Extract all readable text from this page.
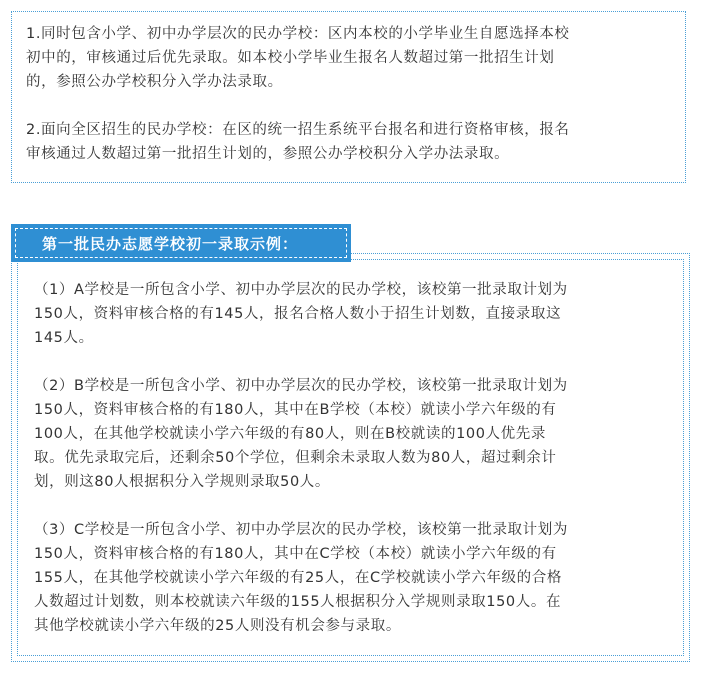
1.同时包含小学、初中办学层次的民办学校：区内本校的小学毕业生自愿选择本校

初中的，审核通过后优先录取。如本校小学毕业生报名人数超过第一批招生计划

的，参照公办学校积分入学办法录取。

2.面向全区招生的民办学校：在区的统一招生系统平台报名和进行资格审核，报名

审核通过人数超过第一批招生计划的，参照公办学校积分入学办法录取。

（1）A学校是一所包含小学、初中办学层次的民办学校，该校第一批录取计划为

150人，资料审核合格的有145人，报名合格人数小于招生计划数，直接录取这

145人。

（2）B学校是一所包含小学、初中办学层次的民办学校，该校第一批录取计划为

150人，资料审核合格的有180人，其中在B学校（本校）就读小学六年级的有

100人，在其他学校就读小学六年级的有80人，则在B校就读的100人优先录

取。优先录取完后，还剩余50个学位，但剩余未录取人数为80人，超过剩余计

划，则这80人根据积分入学规则录取50人。

（3）C学校是一所包含小学、初中办学层次的民办学校，该校第一批录取计划为

150人，资料审核合格的有180人，其中在C学校（本校）就读小学六年级的有

155人，在其他学校就读小学六年级的有25人，在C学校就读小学六年级的合格

人数超过计划数，则本校就读六年级的155人根据积分入学规则录取150人。在

其他学校就读小学六年级的25人则没有机会参与录取。

第一批民办志愿学校初一录取示例：
